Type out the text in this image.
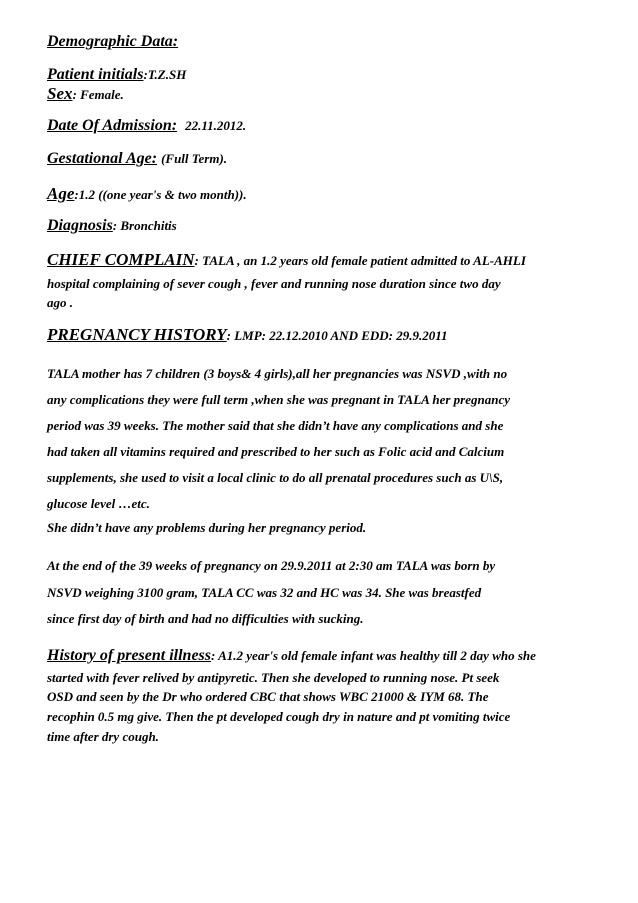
Demographic Data:
Patient initials:T.Z.SH
Sex: Female.
Date Of Admission: 22.11.2012.
Gestational Age: (Full Term).
Age:1.2 ((one year's & two month)).
Diagnosis: Bronchitis
CHIEF COMPLAIN: TALA , an 1.2 years old female patient admitted to AL-AHLI
hospital complaining of sever cough , fever and running nose duration since two day
ago .
PREGNANCY HISTORY: LMP: 22.12.2010 AND EDD: 29.9.2011
TALA mother has 7 children (3 boys& 4 girls),all her pregnancies was NSVD ,with no
any complications they were full term ,when she was pregnant in TALA her pregnancy
period was 39 weeks. The mother said that she didn’t have any complications and she
had taken all vitamins required and prescribed to her such as Folic acid and Calcium
supplements, she used to visit a local clinic to do all prenatal procedures such as U\S,
glucose level …etc.
She didn’t have any problems during her pregnancy period.
At the end of the 39 weeks of pregnancy on 29.9.2011 at 2:30 am TALA was born by
NSVD weighing 3100 gram, TALA CC was 32 and HC was 34. She was breastfed
since first day of birth and had no difficulties with sucking.
History of present illness: A1.2 year's old female infant was healthy till 2 day who she
started with fever relived by antipyretic. Then she developed to running nose. Pt seek
OSD and seen by the Dr who ordered CBC that shows WBC 21000 & IYM 68. The
recophin 0.5 mg give. Then the pt developed cough dry in nature and pt vomiting twice
time after dry cough.
